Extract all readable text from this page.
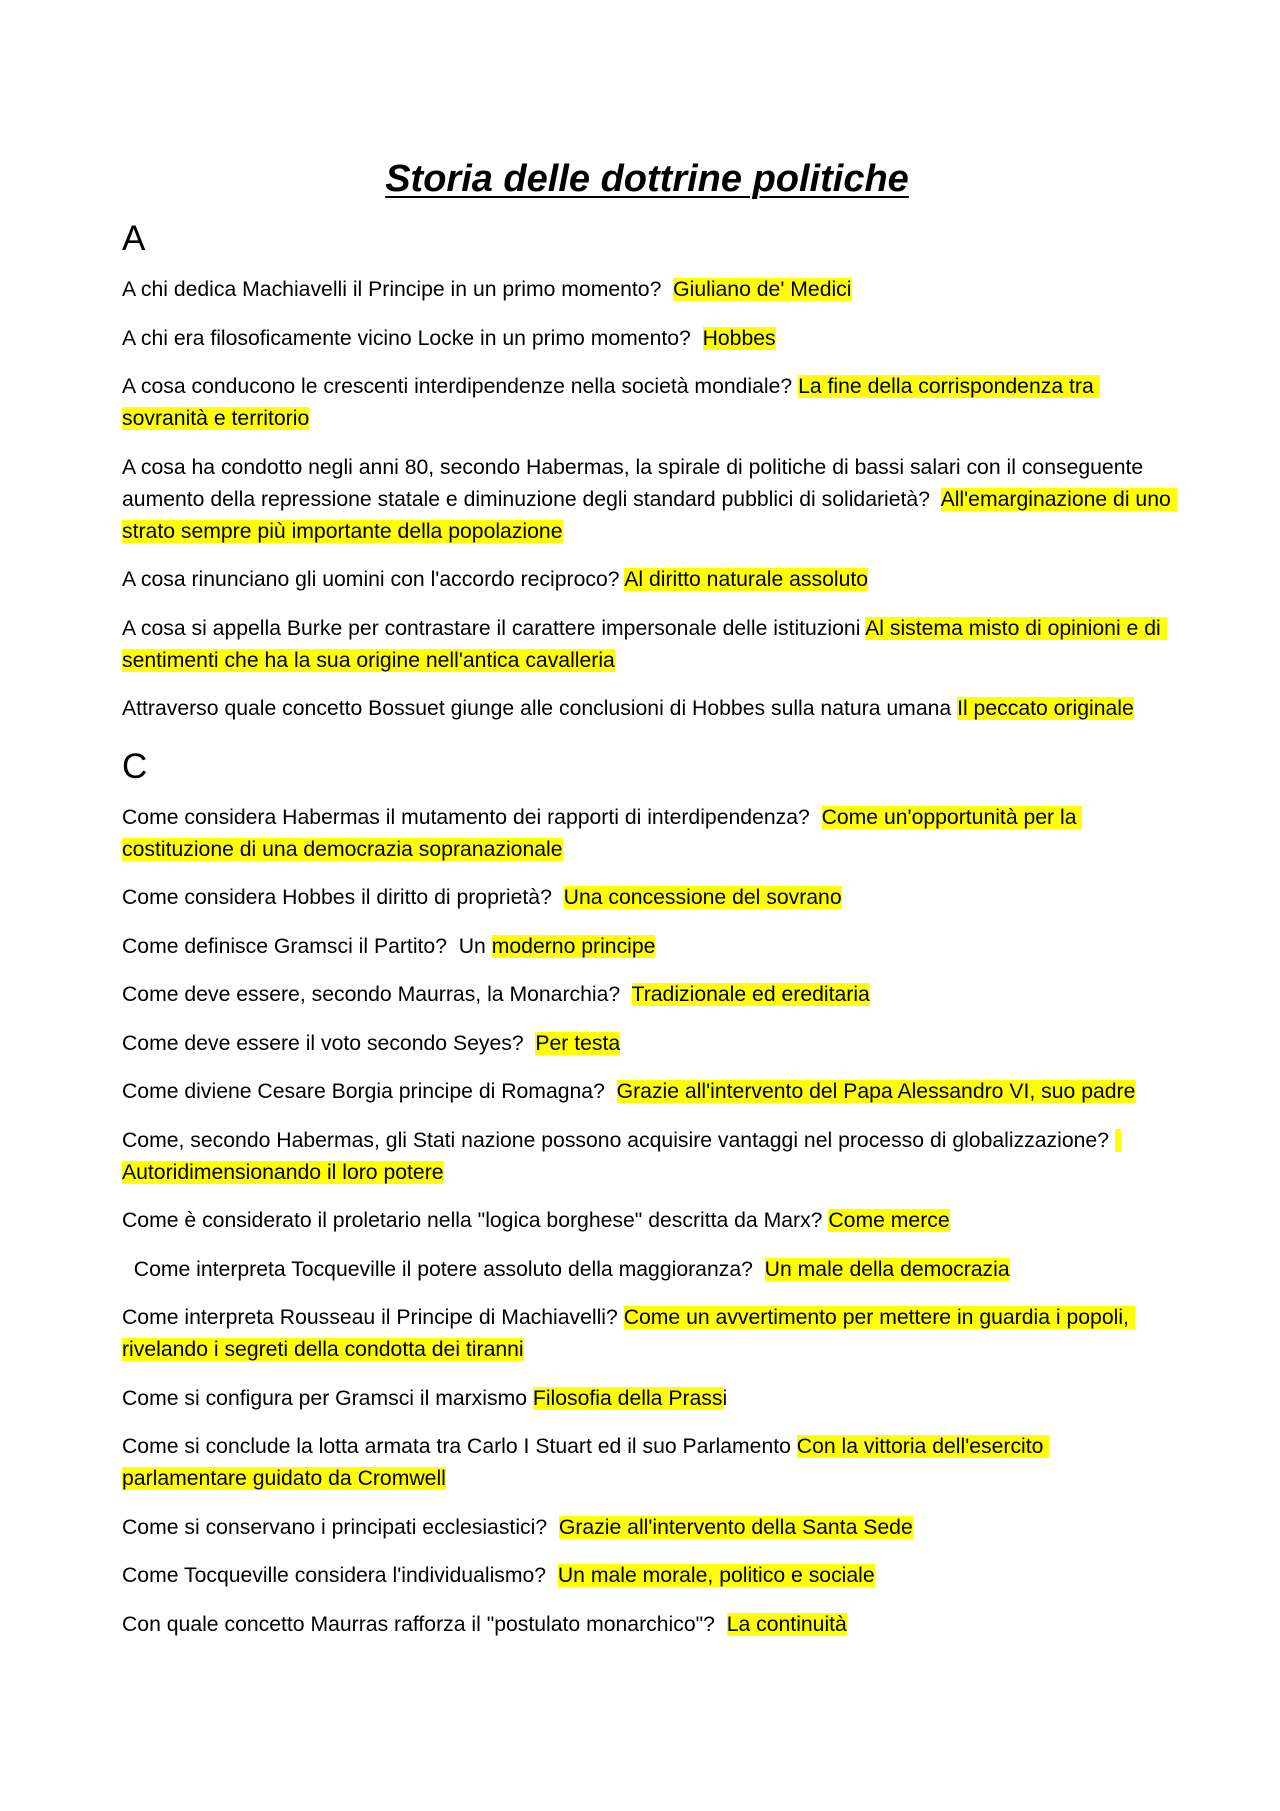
Storia delle dottrine politiche
A

A chi dedica Machiavelli il Principe in un primo momento?  Giuliano de' Medici

A chi era filosoficamente vicino Locke in un primo momento?  Hobbes

A cosa conducono le crescenti interdipendenze nella società mondiale? La fine della corrispondenza tra sovranità e territorio

A cosa ha condotto negli anni 80, secondo Habermas, la spirale di politiche di bassi salari con il conseguente aumento della repressione statale e diminuzione degli standard pubblici di solidarietà?  All'emarginazione di uno strato sempre più importante della popolazione

A cosa rinunciano gli uomini con l'accordo reciproco? Al diritto naturale assoluto

A cosa si appella Burke per contrastare il carattere impersonale delle istituzioni Al sistema misto di opinioni e di sentimenti che ha la sua origine nell'antica cavalleria

Attraverso quale concetto Bossuet giunge alle conclusioni di Hobbes sulla natura umana Il peccato originale

C

Come considera Habermas il mutamento dei rapporti di interdipendenza?  Come un'opportunità per la costituzione di una democrazia sopranazionale

Come considera Hobbes il diritto di proprietà?  Una concessione del sovrano

Come definisce Gramsci il Partito?  Un moderno principe

Come deve essere, secondo Maurras, la Monarchia?  Tradizionale ed ereditaria

Come deve essere il voto secondo Seyes?  Per testa

Come diviene Cesare Borgia principe di Romagna?  Grazie all'intervento del Papa Alessandro VI, suo padre

Come, secondo Habermas, gli Stati nazione possono acquisire vantaggi nel processo di globalizzazione?  Autoridimensionando il loro potere

Come è considerato il proletario nella "logica borghese" descritta da Marx? Come merce

Come interpreta Tocqueville il potere assoluto della maggioranza?  Un male della democrazia

Come interpreta Rousseau il Principe di Machiavelli? Come un avvertimento per mettere in guardia i popoli, rivelando i segreti della condotta dei tiranni

Come si configura per Gramsci il marxismo Filosofia della Prassi

Come si conclude la lotta armata tra Carlo I Stuart ed il suo Parlamento Con la vittoria dell'esercito parlamentare guidato da Cromwell

Come si conservano i principati ecclesiastici?  Grazie all'intervento della Santa Sede

Come Tocqueville considera l'individualismo?  Un male morale, politico e sociale

Con quale concetto Maurras rafforza il "postulato monarchico"?  La continuità
